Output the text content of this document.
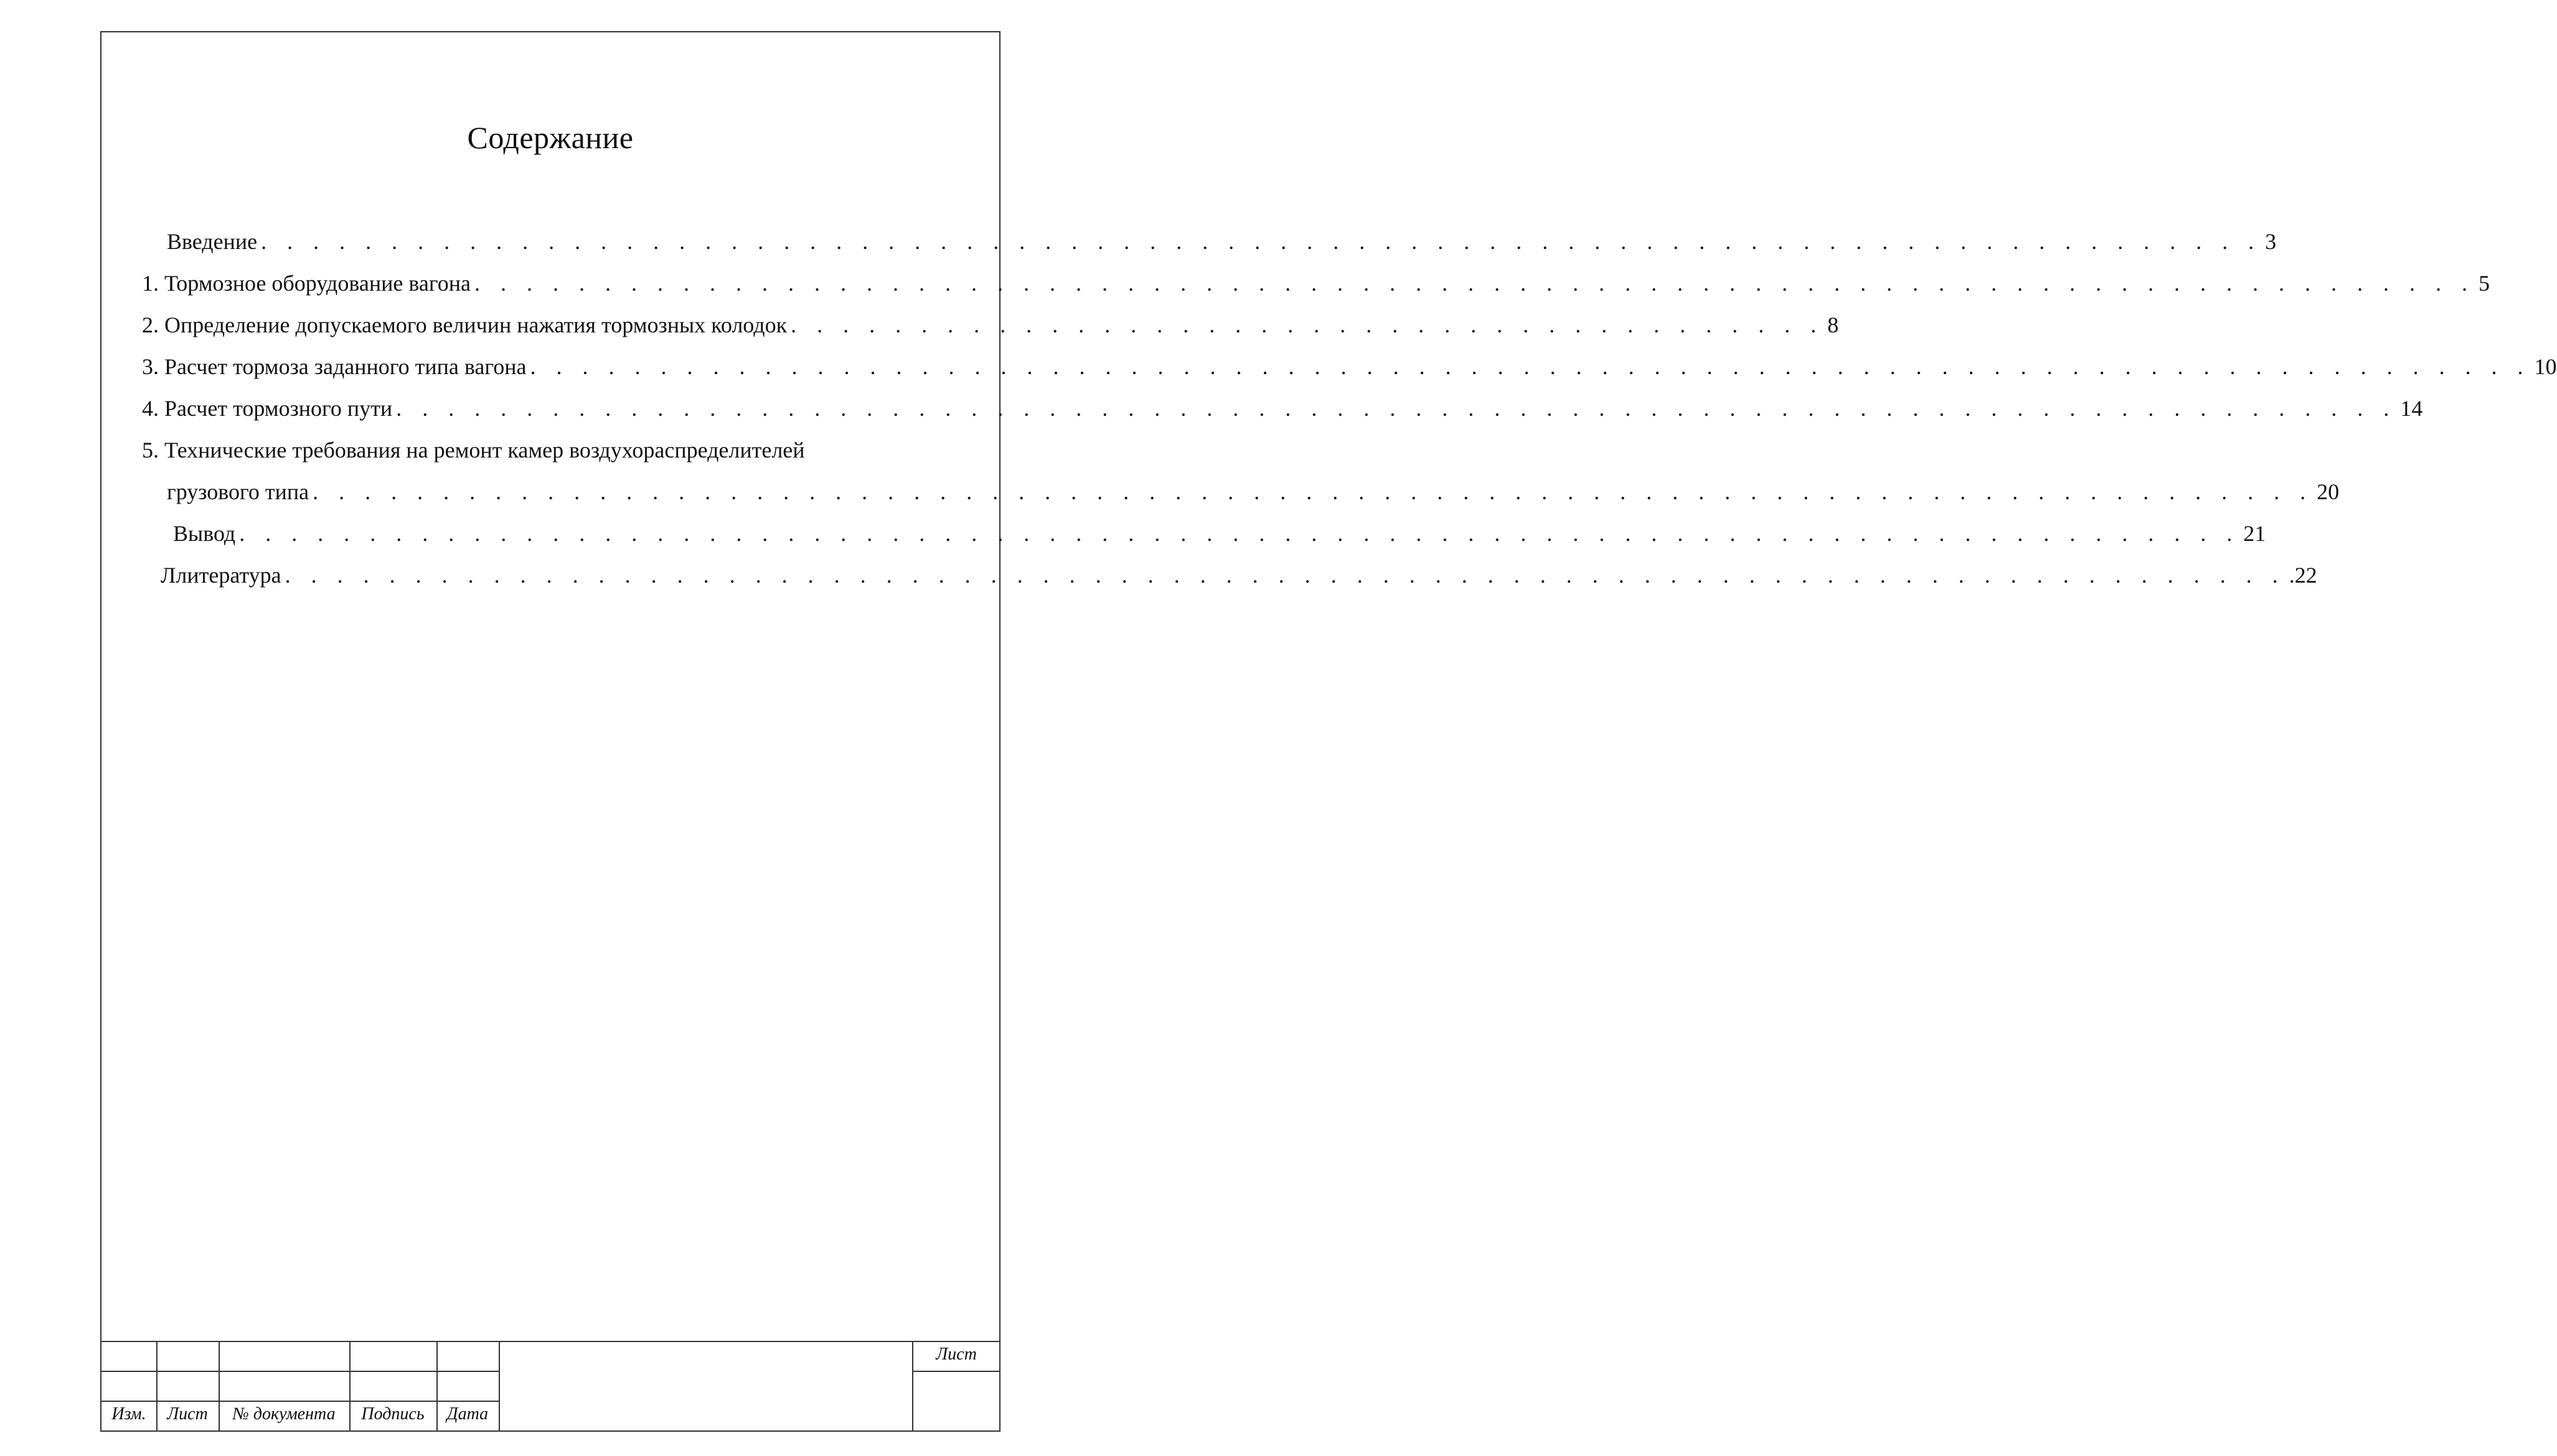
Содержание
Введение . . . . . . . . . . . . . . . . . . . . . . . . . . . . . . . . . . . . . . . . . . . . . . . . . . . . . . . . . . . . . . . . . . . . . . . . . . . . . 3
1.
Тормозное оборудование вагона . . . . . . . . . . . . . . . . . . . . . . . . . . . . . . . . . . . . . . . . . . . . . . . . . . . . . . . . . . . . . . . . . . . . . . . . . . . . . 5
2.
Определение допускаемого величин нажатия тормозных колодок . . . . . . . . . . . . . . . . . . . . . . . . . . . . . . . . . . . . . . . . 8
3.
Расчет тормоза заданного типа вагона . . . . . . . . . . . . . . . . . . . . . . . . . . . . . . . . . . . . . . . . . . . . . . . . . . . . . . . . . . . . . . . . . . . . . . . . . . . . . 10
4.
Расчет тормозного пути . . . . . . . . . . . . . . . . . . . . . . . . . . . . . . . . . . . . . . . . . . . . . . . . . . . . . . . . . . . . . . . . . . . . . . . . . . . . . 14
5.
Технические требования на ремонт камер воздухораспределителей
грузового типа . . . . . . . . . . . . . . . . . . . . . . . . . . . . . . . . . . . . . . . . . . . . . . . . . . . . . . . . . . . . . . . . . . . . . . . . . . . . . 20
Вывод . . . . . . . . . . . . . . . . . . . . . . . . . . . . . . . . . . . . . . . . . . . . . . . . . . . . . . . . . . . . . . . . . . . . . . . . . . . . . 21
Ллитература . . . . . . . . . . . . . . . . . . . . . . . . . . . . . . . . . . . . . . . . . . . . . . . . . . . . . . . . . . . . . . . . . . . . . . . . . . . . . .22
Изм.	Лист	№ документа	Подпись	Дата
Лист
